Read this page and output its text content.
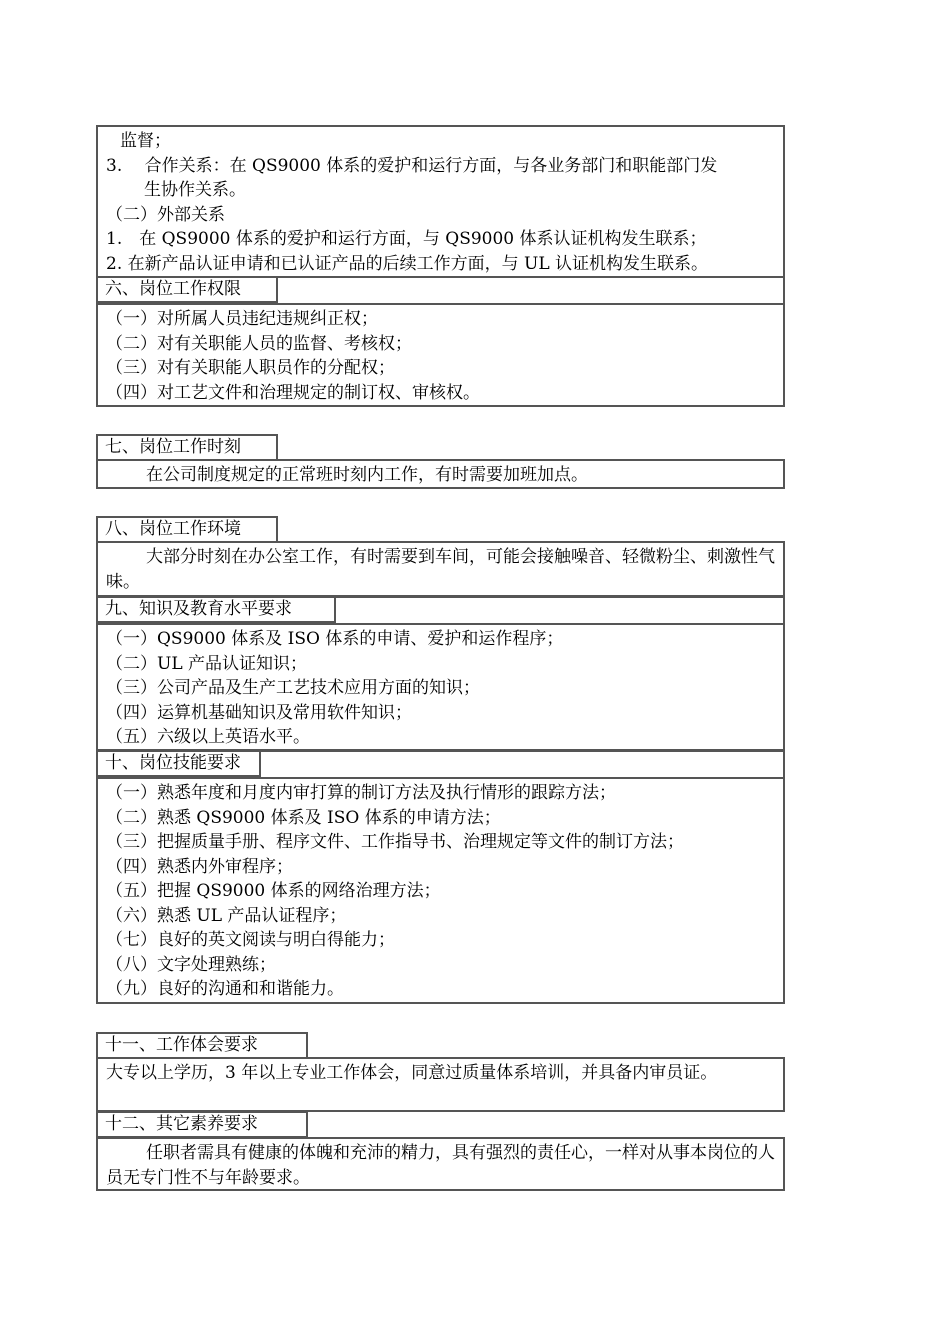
监督；
3.　 合作关系：在 QS9000 体系的爱护和运行方面，与各业务部门和职能部门发
生协作关系。
（二）外部关系
1.　在 QS9000 体系的爱护和运行方面，与 QS9000 体系认证机构发生联系；
2. 在新产品认证申请和已认证产品的后续工作方面，与 UL 认证机构发生联系。
六、岗位工作权限
（一）对所属人员违纪违规纠正权；
（二）对有关职能人员的监督、考核权；
（三）对有关职能人职员作的分配权；
（四）对工艺文件和治理规定的制订权、审核权。
七、岗位工作时刻
在公司制度规定的正常班时刻内工作，有时需要加班加点。
八、岗位工作环境
大部分时刻在办公室工作，有时需要到车间，可能会接触噪音、轻微粉尘、刺激性气味。
九、知识及教育水平要求
（一）QS9000 体系及 ISO 体系的申请、爱护和运作程序；
（二）UL 产品认证知识；
（三）公司产品及生产工艺技术应用方面的知识；
（四）运算机基础知识及常用软件知识；
（五）六级以上英语水平。
十、岗位技能要求
（一）熟悉年度和月度内审打算的制订方法及执行情形的跟踪方法；
（二）熟悉 QS9000 体系及 ISO 体系的申请方法；
（三）把握质量手册、程序文件、工作指导书、治理规定等文件的制订方法；
（四）熟悉内外审程序；
（五）把握 QS9000 体系的网络治理方法；
（六）熟悉 UL 产品认证程序；
（七）良好的英文阅读与明白得能力；
（八）文字处理熟练；
（九）良好的沟通和和谐能力。
十一、工作体会要求
大专以上学历，3 年以上专业工作体会，同意过质量体系培训，并具备内审员证。
十二、其它素养要求
任职者需具有健康的体魄和充沛的精力，具有强烈的责任心，一样对从事本岗位的人员无专门性不与年龄要求。
